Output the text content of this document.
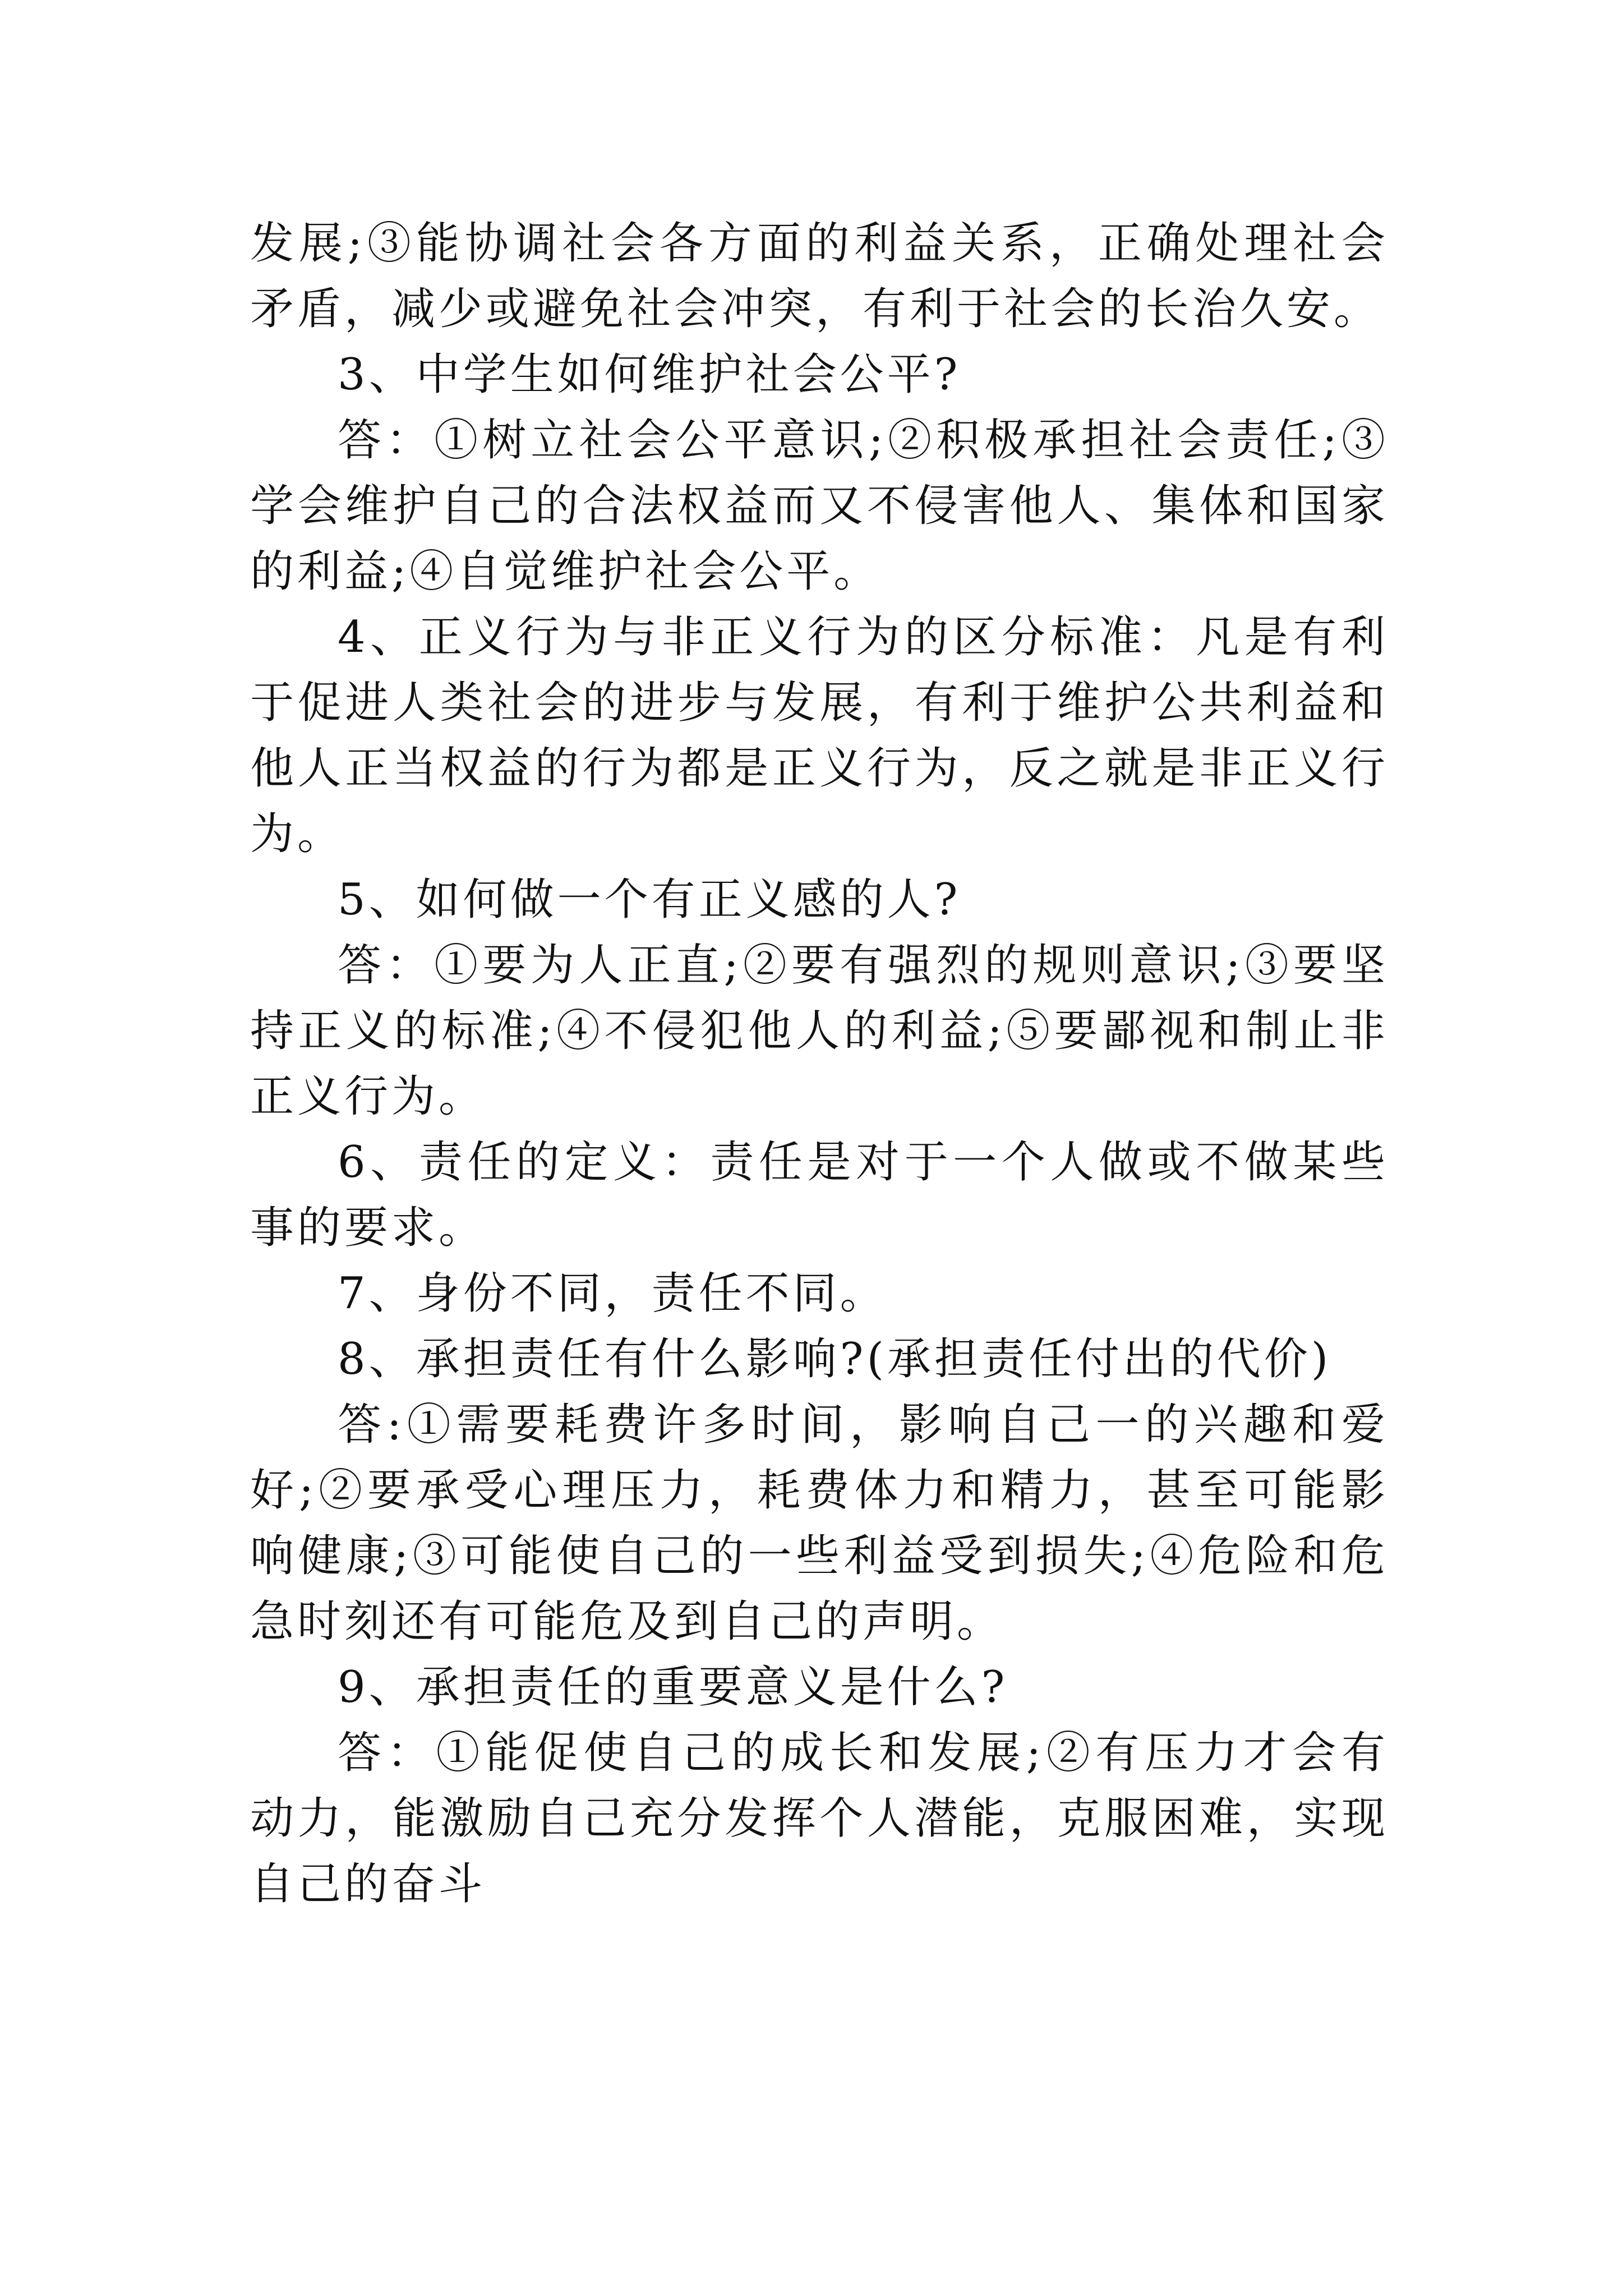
发展;③能协调社会各方面的利益关系，正确处理社会矛盾，减少或避免社会冲突，有利于社会的长治久安。

3、中学生如何维护社会公平?

答：①树立社会公平意识;②积极承担社会责任;③学会维护自己的合法权益而又不侵害他人、集体和国家的利益;④自觉维护社会公平。

4、正义行为与非正义行为的区分标准：凡是有利于促进人类社会的进步与发展，有利于维护公共利益和他人正当权益的行为都是正义行为，反之就是非正义行为。

5、如何做一个有正义感的人?

答：①要为人正直;②要有强烈的规则意识;③要坚持正义的标准;④不侵犯他人的利益;⑤要鄙视和制止非正义行为。

6、责任的定义：责任是对于一个人做或不做某些事的要求。

7、身份不同，责任不同。

8、承担责任有什么影响?(承担责任付出的代价)

答:①需要耗费许多时间，影响自己一的兴趣和爱好;②要承受心理压力，耗费体力和精力，甚至可能影响健康;③可能使自己的一些利益受到损失;④危险和危急时刻还有可能危及到自己的声明。

9、承担责任的重要意义是什么?

答：①能促使自己的成长和发展;②有压力才会有动力，能激励自己充分发挥个人潜能，克服困难，实现自己的奋斗
